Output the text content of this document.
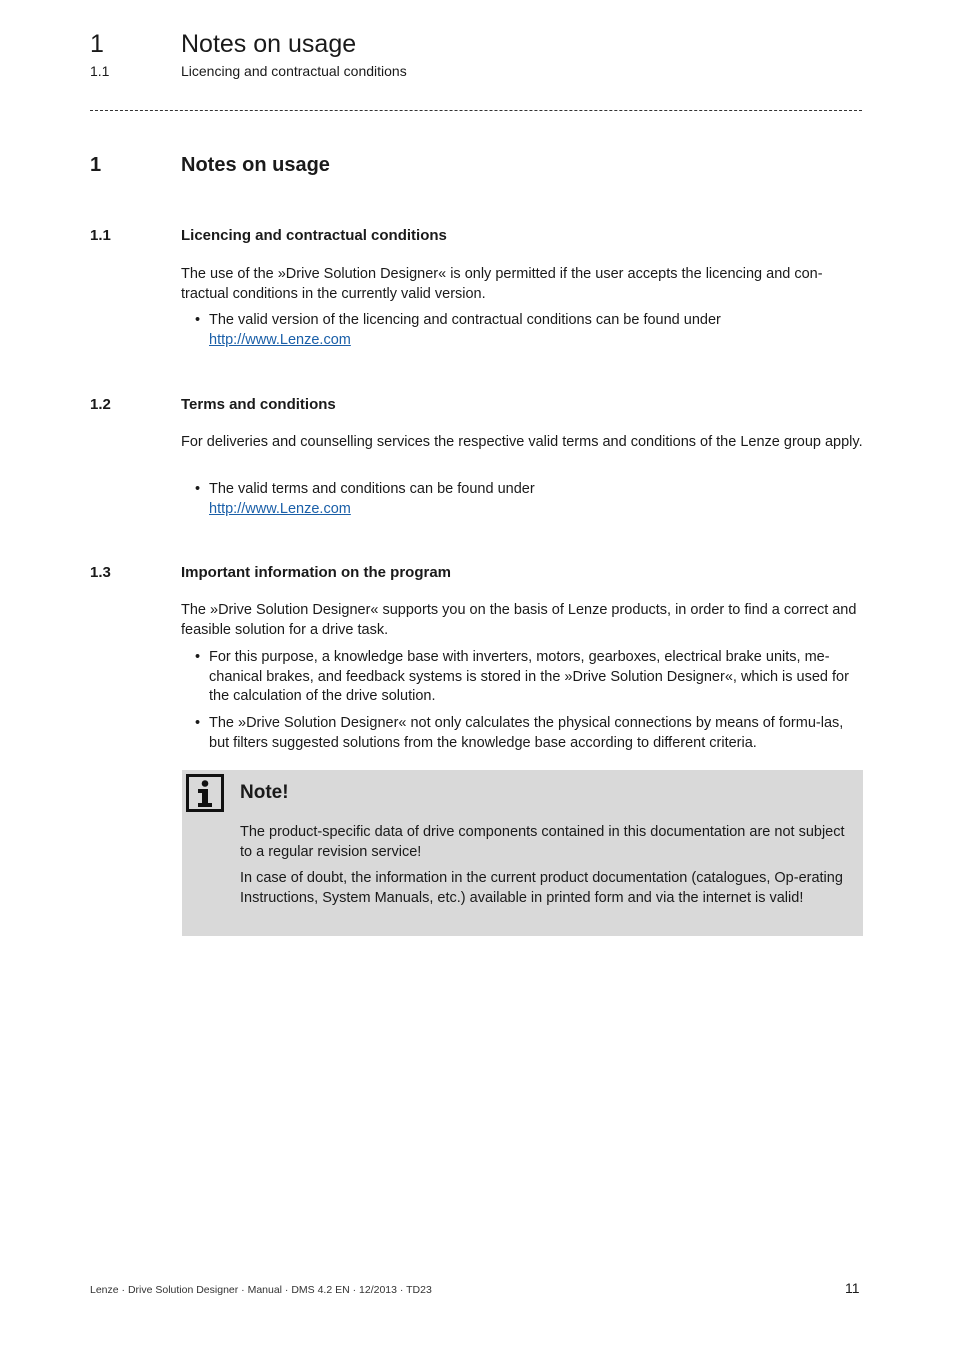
1	Notes on usage
1.1	Licencing and contractual conditions
1	Notes on usage
1.1	Licencing and contractual conditions
The use of the »Drive Solution Designer« is only permitted if the user accepts the licencing and con-tractual conditions in the currently valid version.
• The valid version of the licencing and contractual conditions can be found under
http://www.Lenze.com
1.2	Terms and conditions
For deliveries and counselling services the respective valid terms and conditions of the Lenze group apply.
• The valid terms and conditions can be found under
http://www.Lenze.com
1.3	Important information on the program
The »Drive Solution Designer« supports you on the basis of Lenze products, in order to find a correct and feasible solution for a drive task.
• For this purpose, a knowledge base with inverters, motors, gearboxes, electrical brake units, me-chanical brakes, and feedback systems is stored in the »Drive Solution Designer«, which is used for the calculation of the drive solution.
• The »Drive Solution Designer« not only calculates the physical connections by means of formu-las, but filters suggested solutions from the knowledge base according to different criteria.
Note!
The product-specific data of drive components contained in this documentation are not subject to a regular revision service!
In case of doubt, the information in the current product documentation (catalogues, Op-erating Instructions, System Manuals, etc.) available in printed form and via the internet is valid!
Lenze · Drive Solution Designer · Manual · DMS 4.2 EN · 12/2013 · TD23	11
